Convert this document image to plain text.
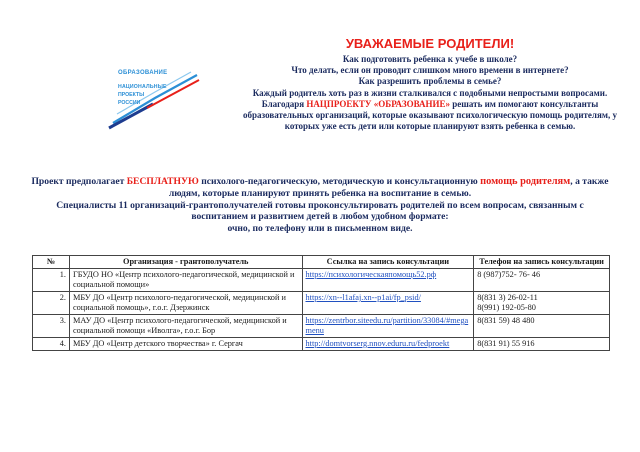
ОБРАЗОВАНИЕ
НАЦИОНАЛЬНЫЕ
ПРОЕКТЫ
РОССИИ
УВАЖАЕМЫЕ РОДИТЕЛИ!

Как подготовить ребенка к учебе в школе?

Что делать, если он проводит слишком много времени в интернете?

Как разрешить проблемы в семье?

Каждый родитель хоть раз в жизни сталкивался с подобными непростыми вопросами.

Благодаря НАЦПРОЕКТУ «ОБРАЗОВАНИЕ» решать им помогают консультанты образовательных организаций, которые оказывают психологическую помощь родителям, у которых уже есть дети или которые планируют взять ребенка в семью.

Проект предполагает БЕСПЛАТНУЮ психолого-педагогическую, методическую и консультационную помощь родителям, а также людям, которые планируют принять ребенка на воспитание в семью.

Специалисты 11 организаций-грантополучателей готовы проконсультировать родителей по всем вопросам, связанным с воспитанием и развитием детей в любом удобном формате:

очно, по телефону или в письменном виде.

№	Организация - грантополучатель	Ссылка на запись консультации	Телефон на запись консультации
1.	ГБУДО НО «Центр психолого-педагогической, медицинской и социальной помощи»	https://психологическаяпомощь52.рф	8 (987)752- 76- 46
2.	МБУ ДО «Центр психолого-педагогической, медицинской и социальной помощь», г.о.г. Дзержинск	https://xn--l1afaj.xn--p1ai/fp_psid/	8(831 3) 26-02-11
8(991) 192-05-80
3.	МАУ ДО «Центр психолого-педагогической, медицинской и социальной помощи «Иволга», г.о.г. Бор	https://zentrbor.siteedu.ru/partition/33084/#megamenu	8(831 59) 48 480
4.	МБУ ДО «Центр детского творчества» г. Сергач	http://domtvorserg.nnov.eduru.ru/fedproekt	8(831 91) 55 916
